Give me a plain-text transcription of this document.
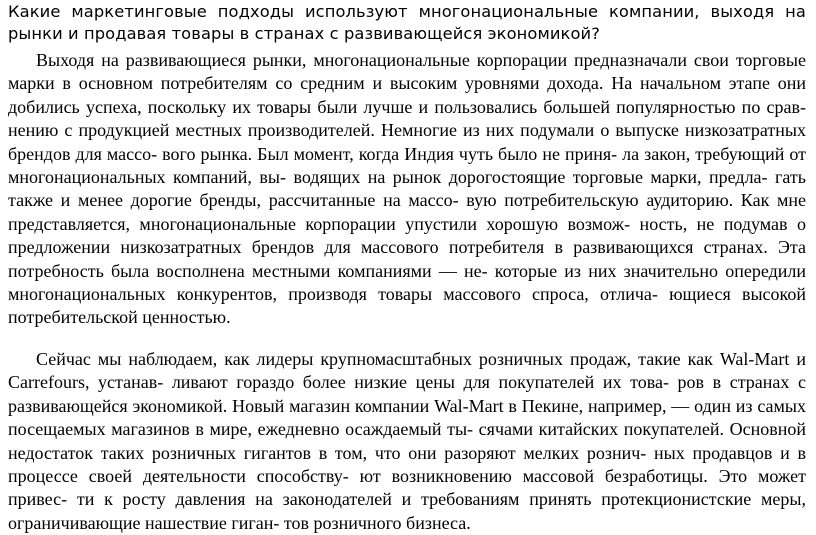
Какие маркетинговые подходы используют многонациональные компании, выходя на рынки и продавая товары в странах с развивающейся экономикой?

Выходя на развивающиеся рынки, многонациональные корпорации предназначали свои торговые марки в основном потребителям со средним и высоким уровнями дохода. На начальном этапе они добились успеха, поскольку их товары были лучше и пользовались большей популярностью по срав- нению с продукцией местных производителей. Немногие из них подумали о выпуске низкозатратных брендов для массо- вого рынка. Был момент, когда Индия чуть было не приня- ла закон, требующий от многонациональных компаний, вы- водящих на рынок дорогостоящие торговые марки, предла- гать также и менее дорогие бренды, рассчитанные на массо- вую потребительскую аудиторию. Как мне представляется, многонациональные корпорации упустили хорошую возмож- ность, не подумав о предложении низкозатратных брендов для массового потребителя в развивающихся странах. Эта потребность была восполнена местными компаниями — не- которые из них значительно опередили многонациональных конкурентов, производя товары массового спроса, отлича- ющиеся высокой потребительской ценностью.

Сейчас мы наблюдаем, как лидеры крупномасштабных розничных продаж, такие как Wal-Mart и Carrefours, устанав- ливают гораздо более низкие цены для покупателей их това- ров в странах с развивающейся экономикой. Новый магазин компании Wal-Mart в Пекине, например, — один из самых посещаемых магазинов в мире, ежедневно осаждаемый ты- сячами китайских покупателей. Основной недостаток таких розничных гигантов в том, что они разоряют мелких рознич- ных продавцов и в процессе своей деятельности способству- ют возникновению массовой безработицы. Это может привес- ти к росту давления на законодателей и требованиям принять протекционистские меры, ограничивающие нашествие гиган- тов розничного бизнеса.
